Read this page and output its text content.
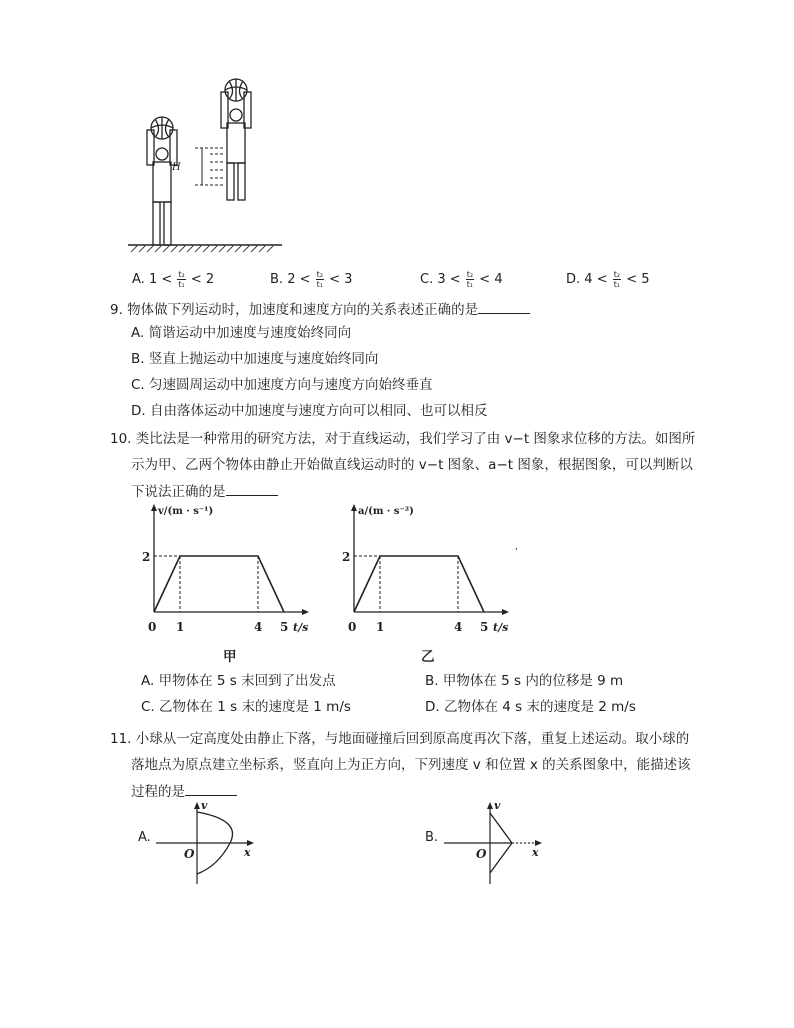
H
A. $1 < \frac{\text{t₂}}{\text{t₁}} < 2$	B. $2 < \frac{\text{t₂}}{\text{t₁}} < 3$	C. $3 < \frac{\text{t₂}}{\text{t₁}} < 4$	D. $4 < \frac{\text{t₂}}{\text{t₁}} < 5$
9. 物体做下列运动时，加速度和速度方向的关系表述正确的是
A. 简谐运动中加速度与速度始终同向
B. 竖直上抛运动中加速度与速度始终同向
C. 匀速圆周运动中加速度方向与速度方向始终垂直
D. 自由落体运动中加速度与速度方向可以相同、也可以相反
10. 类比法是一种常用的研究方法，对于直线运动，我们学习了由 v−t 图象求位移的方法。如图所
示为甲、乙两个物体由静止开始做直线运动时的 v−t 图象、a−t 图象，根据图象，可以判断以
下说法正确的是
0 1	4 5
2
v/(m · s⁻¹)
t/s	0 1	4 5
2
a/(m · s⁻²)
t/s
甲	乙
,
A. 甲物体在 5 s 末回到了出发点	B. 甲物体在 5 s 内的位移是 9 m
C. 乙物体在 1 s 末的速度是 1 m/s	D. 乙物体在 4 s 末的速度是 2 m/s
11. 小球从一定高度处由静止下落，与地面碰撞后回到原高度再次下落，重复上述运动。取小球的
落地点为原点建立坐标系，竖直向上为正方向，下列速度 v 和位置 x 的关系图象中，能描述该
过程的是
A.
v
x
O
B.
v
x
O
